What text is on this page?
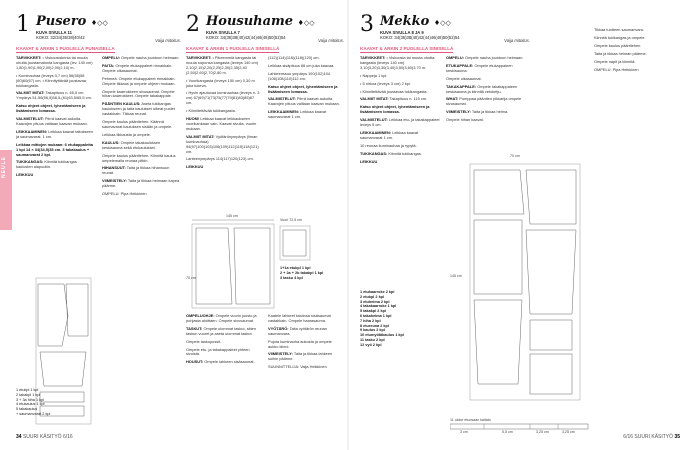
NEULE
1 Pusero ♦◇◇
KUVA SIVULLA 11
KOKO: 32/34(36/38)40/42
Vaija mitoitus.
KAAVAT & ARKIN 1 PUOLELLA PUNAISELLA

TARVIKKEET: • Viskoosiskrinia tai muuta ohutta joustamatonta kangasta (lev. 140 cm) 1,80(1,90)1,90(2,00)2,00(2,10) m.

• Kuminauhaa (leveys 0,7 cm) 56(58)58 (60)60(67) cm. • Kiinnityttävää joustavaa tukikangasta.

VALMIIT MITAT: Takapituus n. 65,5 cm. Ympärys 51-56(56,5)58,5-(61)63,5/65,5 cm.

Katso ohjeet ohjeet, lyhentämiseen ja lisäämiseen lomassa.

VALMISTELUT: Piirrä kaavat aukolta. Kaavojen pituus valitaan kaavan mukaan.

LEIKKAAMINEN: Leikkaa kaavat taitokseen ja saumavarat. 1 cm.

Leikkaa mittojen mukaan: 6 etukappaletta 1 kpl 14 × 34(34,5)35 cm. 3 takakaulus + saumanvarat 2 kpl.

TUKIKANGAS: Kiinnitä tukikangas kaulusten alapuoliin.

LEIKKUU

OMPELU: Ompele nauha joustoon helmaan.

PAITA: Ompele etukappaleet rinnakkain. Ompele olkasaumat.

Pehmeä. Ompele etukappaleet rinnakkain. Ompele tikkaus ja ompele ohjeen mukaan.

Ompele kaarrokkeen sivusaumat. Ompele hihan kaarrokkeet. Ompele takakappale.

PÄÄNTIEN KAULUS: Aseta tukikangas kaulukseen ja taita kaulukset oikeat puolet vastakkain. Tikkaa reunat.

Ompele kaulus pääntiehen. Käännä saumavarat kauluksen sisään ja ompele.

Leikkaa tikkausta ja ompele.

KAULUS: Ompele takakauluksen keskisauma sekä etukaulukset.

Ompele kaulus pääntiehen. Kiinnitä kaulus ompelemalla reunaa pitkin.

HIHANSUUT: Taita ja tikkaa hihansuun reunat.

VIIMEISTELY: Taita ja tikkaa helmaan kapea päärme.

OMPELU: Pipa Heikkinen

1 etukpl 1 kpl
2 takakpl 1 kpl
3 + 3a hiha 1 kpl
4 etukaulus 1 kpl
5 takakaulus
+ saumanvarat 2 kpl
2 Housuhame ♦◇◇
KUVA SIVULLA 7
KOKO: 34(36)38(40)42(44)46(48)50(52)54
Vaija mitoitus.
KAAVAT & ARKIN 1 PUOLELLA SINISELLÄ

TARVIKKEET: • Pikeemmiä kangasta tai muuta soponsa kangasta (leveys 140 cm) 2,10(2,15)2,20(2,25)2,30(2,35)2,40 (2,50)2,60(2,70)2,80 m.

• Vuorikangasta (leveys 150 cm) 0,30 m juka tukeva.

• Hyvin ajautuvaa kuminauhaa (leveys n. 3 cm) 67(69)71(73)75(77)79(81)83(85)87 cm.

• Kiinnitettävää tukikangasta.

HUOM! Leikkaa kaavat leikkaukseen vuorikankaan vain. Kaavat sivulla, vuorin mukaan.

VALMIIT MITAT: Vyötärönympärys (ilman kuminauhaa) 94(97)100(103)106(109)112(115)118(121) cm.

Lanteenympärys 114(117)120(123) cm.

LEIKKUU

(112)(114)(116)(118)(120) cm.

Leikkaa sisäpituus 68 cm juka kaavaa.

Lahkeenssuu ympärys 100(102)104 (106)108(110)112 cm.

Katso ohjeet ohjeet, lyhentämiseen ja lisäämiseen lomassa.

VALMISTELUT: Piirrä kaavat aukolta. Kaavojen pituus valitaan kaavan mukaan.

LEIKKAAMINEN: Leikkaa kaavat saumanvarat 1 cm.

145 cm
Vuori 72,5 cm
1+1a etukpl 1 kpl
2 + 2a + 2b takakpl 1 kpl
3 tasku 4 kpl

OMPELUOHJE: Ompele vuorin juusto ja pohjasta aloittaen. Ompele sivusaumat.

TASKUT: Ompele ulommat taskut, sitten taskun vuoret ja aseta ulommat taskut.

Ompele taskupussit.

Ompele etu- ja takakappaleet yhteen sivuista.

HOUSUT: Ompele lahkeen sisäsaumat.

Kaatele lahkeet toisiinsa sisäsaumat vastakkain. Ompele haarasauma.

VYÖTÄRÖ: Taita vyötärön reunan saumanvara.

Pujota kuminauha aukosta ja ompele aukko kiinni.

VIIMEISTELY: Taita ja tikkaa lahkeen suihin päärme.

SUUNNITTELIJA: Vaija Heikkinen

70 cm
3 Mekko ♦◇◇
KUVA SIVULLA 8 JA 9
KOKO: 34(36)38(40)42(44)46(48)50(52)54
Vaija mitoitus.
KAAVAT & ARKIN 2 PUOLELLA SINISELLÄ

TARVIKKEET: • Viskoosia tai muuta ohutta kangasta (leveys 140 cm) 3,10(3,20)3,30(3,40)3,50(3,60)3,70 m.

• Nappeja 1 kpl.

• 5 nirkoa (leveys 3 cm) 2 kpl.

• Kiinnitettävää joustavaa tukikangasta.

VALMIIT MITAT: Takapituus n. 115 cm.

Katso ohjeet ohjeet, lyhentämiseen ja lisäämiseen lomassa.

VALMISTELUT: Leikkaa etu- ja takakappaleet leveys 5 cm.

LEIKKAAMINEN: Leikkaa kaavat saumanvarat 1 cm.

10 reunaa kuminauhaa ja rypytä.

TUKIKANGAS: Kiinnitä tukikangas.

LEIKKUU

OMPELU: Ompele nauha joustoon helmaan.

ETUKAPPALE: Ompele etukappaleen keskisauma.

Ompele olkasaumat.

TAKAKAPPALE: Ompele takakappaleen keskisauma ja kiinnitä vetoketju.

WHAT: Pomppaa pääntien pikkarija ompele sivusaumat.

VIIMEISTELY: Taita ja tikkaa helma.

Ompele hihan kaavat.

Tikkaa tuotteen saumanvara.

Kiinnitä tukikangas ja ompele.

Ompele kaulus pääntiehen.

Taita ja tikkaa helman päärme.

Ompele napit ja kiinnitä.

OMPELU: Pipa Heikkinen

70 cm
145 cm
1 etukaarroke 2 kpl
2 etukpl 2 kpl
3 etuhelma 2 kpl
4 takakaarroke 1 kpl
5 takakpl 2 kpl
6 takahelma 1 kpl
7 hiha 2 kpl
8 etureuna 2 kpl
9 kaulus 2 kpl
10 etumyötäkaulus 1 kpl
11 tasku 2 kpl
12 vyö 2 kpl
11 uloke etuosaan kaltato
3 cm	5,5 cm	3,25 cm	3,25 cm
34 SUURI KÄSITYÖ 6/16	6/16 SUURI KÄSITYÖ 35
